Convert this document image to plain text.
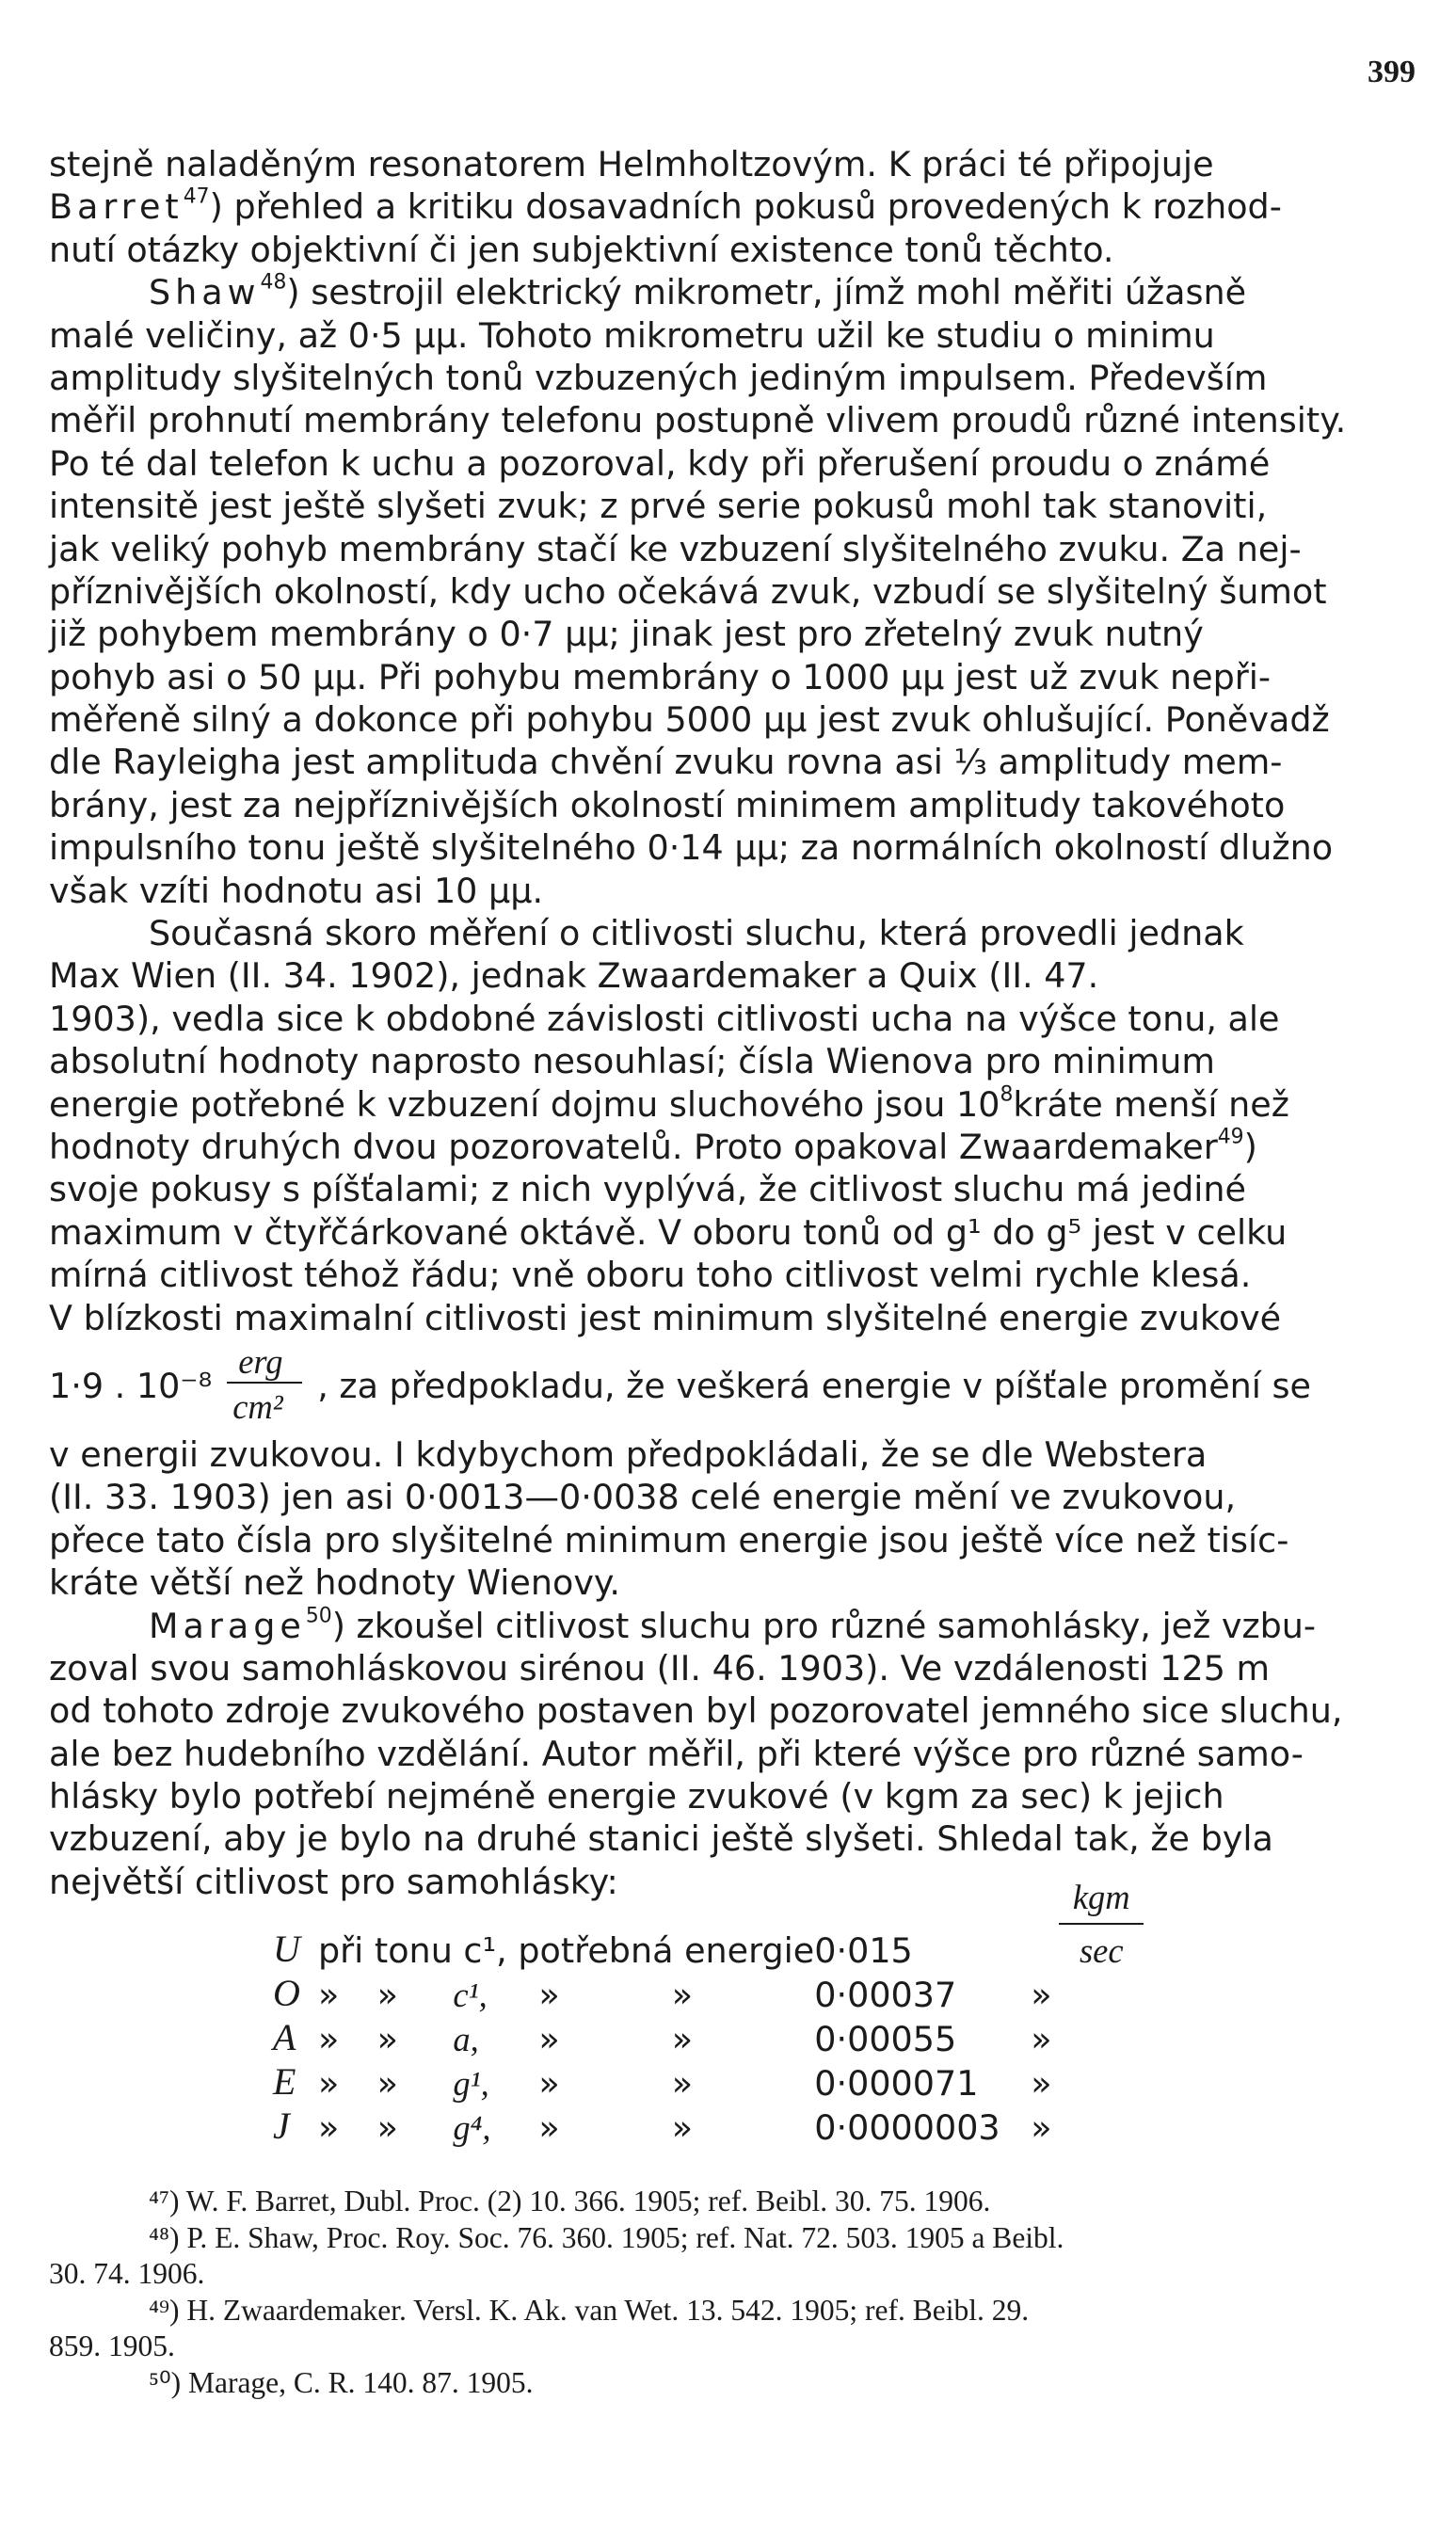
399
stejně naladěným resonatorem Helmholtzovým. K práci té připojuje
Barret$^{47}$) přehled a kritiku dosavadních pokusů provedených k rozhod-
nutí otázky objektivní či jen subjektivní existence tonů těchto.
Shaw$^{48}$) sestrojil elektrický mikrometr, jímž mohl měřiti úžasně
malé veličiny, až 0·5 μμ. Tohoto mikrometru užil ke studiu o minimu
amplitudy slyšitelných tonů vzbuzených jediným impulsem. Především
měřil prohnutí membrány telefonu postupně vlivem proudů různé intensity.
Po té dal telefon k uchu a pozoroval, kdy při přerušení proudu o známé
intensitě jest ještě slyšeti zvuk; z prvé serie pokusů mohl tak stanoviti,
jak veliký pohyb membrány stačí ke vzbuzení slyšitelného zvuku. Za nej-
příznivějších okolností, kdy ucho očekává zvuk, vzbudí se slyšitelný šumot
již pohybem membrány o 0·7 μμ; jinak jest pro zřetelný zvuk nutný
pohyb asi o 50 μμ. Při pohybu membrány o 1000 μμ jest už zvuk nepři-
měřeně silný a dokonce při pohybu 5000 μμ jest zvuk ohlušující. Poněvadž
dle Rayleigha jest amplituda chvění zvuku rovna asi ⅓ amplitudy mem-
brány, jest za nejpříznivějších okolností minimem amplitudy takovéhoto
impulsního tonu ještě slyšitelného 0·14 μμ; za normálních okolností dlužno
však vzíti hodnotu asi 10 μμ.
Současná skoro měření o citlivosti sluchu, která provedli jednak
Max Wien (II. 34. 1902), jednak Zwaardemaker a Quix (II. 47.
1903), vedla sice k obdobné závislosti citlivosti ucha na výšce tonu, ale
absolutní hodnoty naprosto nesouhlasí; čísla Wienova pro minimum
energie potřebné k vzbuzení dojmu sluchového jsou $10^8kráte$ menší než
hodnoty druhých dvou pozorovatelů. Proto opakoval Zwaardemaker$^{49}$)
svoje pokusy s píšťalami; z nich vyplývá, že citlivost sluchu má jediné
maximum v čtyřčárkované oktávě. V oboru tonů od g¹ do g⁵ jest v celku
mírná citlivost téhož řádu; vně oboru toho citlivost velmi rychle klesá.
V blízkosti maximalní citlivosti jest minimum slyšitelné energie zvukové
1·9 . $10^{-8} \frac{\text{erg}}{\text{cm²}}$ , za předpokladu, že veškerá energie v píšťale promění se
v energii zvukovou. I kdybychom předpokládali, že se dle Webstera
(II. 33. 1903) jen asi 0·0013—0·0038 celé energie mění ve zvukovou,
přece tato čísla pro slyšitelné minimum energie jsou ještě více než tisíc-
kráte větší než hodnoty Wienovy.
Marage$^{50}$) zkoušel citlivost sluchu pro různé samohlásky, jež vzbu-
zoval svou samohláskovou sirénou (II. 46. 1903). Ve vzdálenosti 125 m
od tohoto zdroje zvukového postaven byl pozorovatel jemného sice sluchu,
ale bez hudebního vzdělání. Autor měřil, při které výšce pro různé samo-
hlásky bylo potřebí nejméně energie zvukové (v kgm za sec) k jejich
vzbuzení, aby je bylo na druhé stanici ještě slyšeti. Shledal tak, že byla
největší citlivost pro samohlásky:
U	při tonu c¹, potřebná energie					0·015	$\frac{\text{kgm}}{\sec}$

O	»	»	c¹,	»	»	0·00037	»
A	»	»	a,	»	»	0·00055	»
E	»	»	g¹,	»	»	0·000071	»
J	»	»	g⁴,	»	»	0·0000003	»
⁴⁷) W. F. Barret, Dubl. Proc. (2) 10. 366. 1905; ref. Beibl. 30. 75. 1906.
⁴⁸) P. E. Shaw, Proc. Roy. Soc. 76. 360. 1905; ref. Nat. 72. 503. 1905 a Beibl.
30. 74. 1906.
⁴⁹) H. Zwaardemaker. Versl. K. Ak. van Wet. 13. 542. 1905; ref. Beibl. 29.
859. 1905.
⁵⁰) Marage, C. R. 140. 87. 1905.
